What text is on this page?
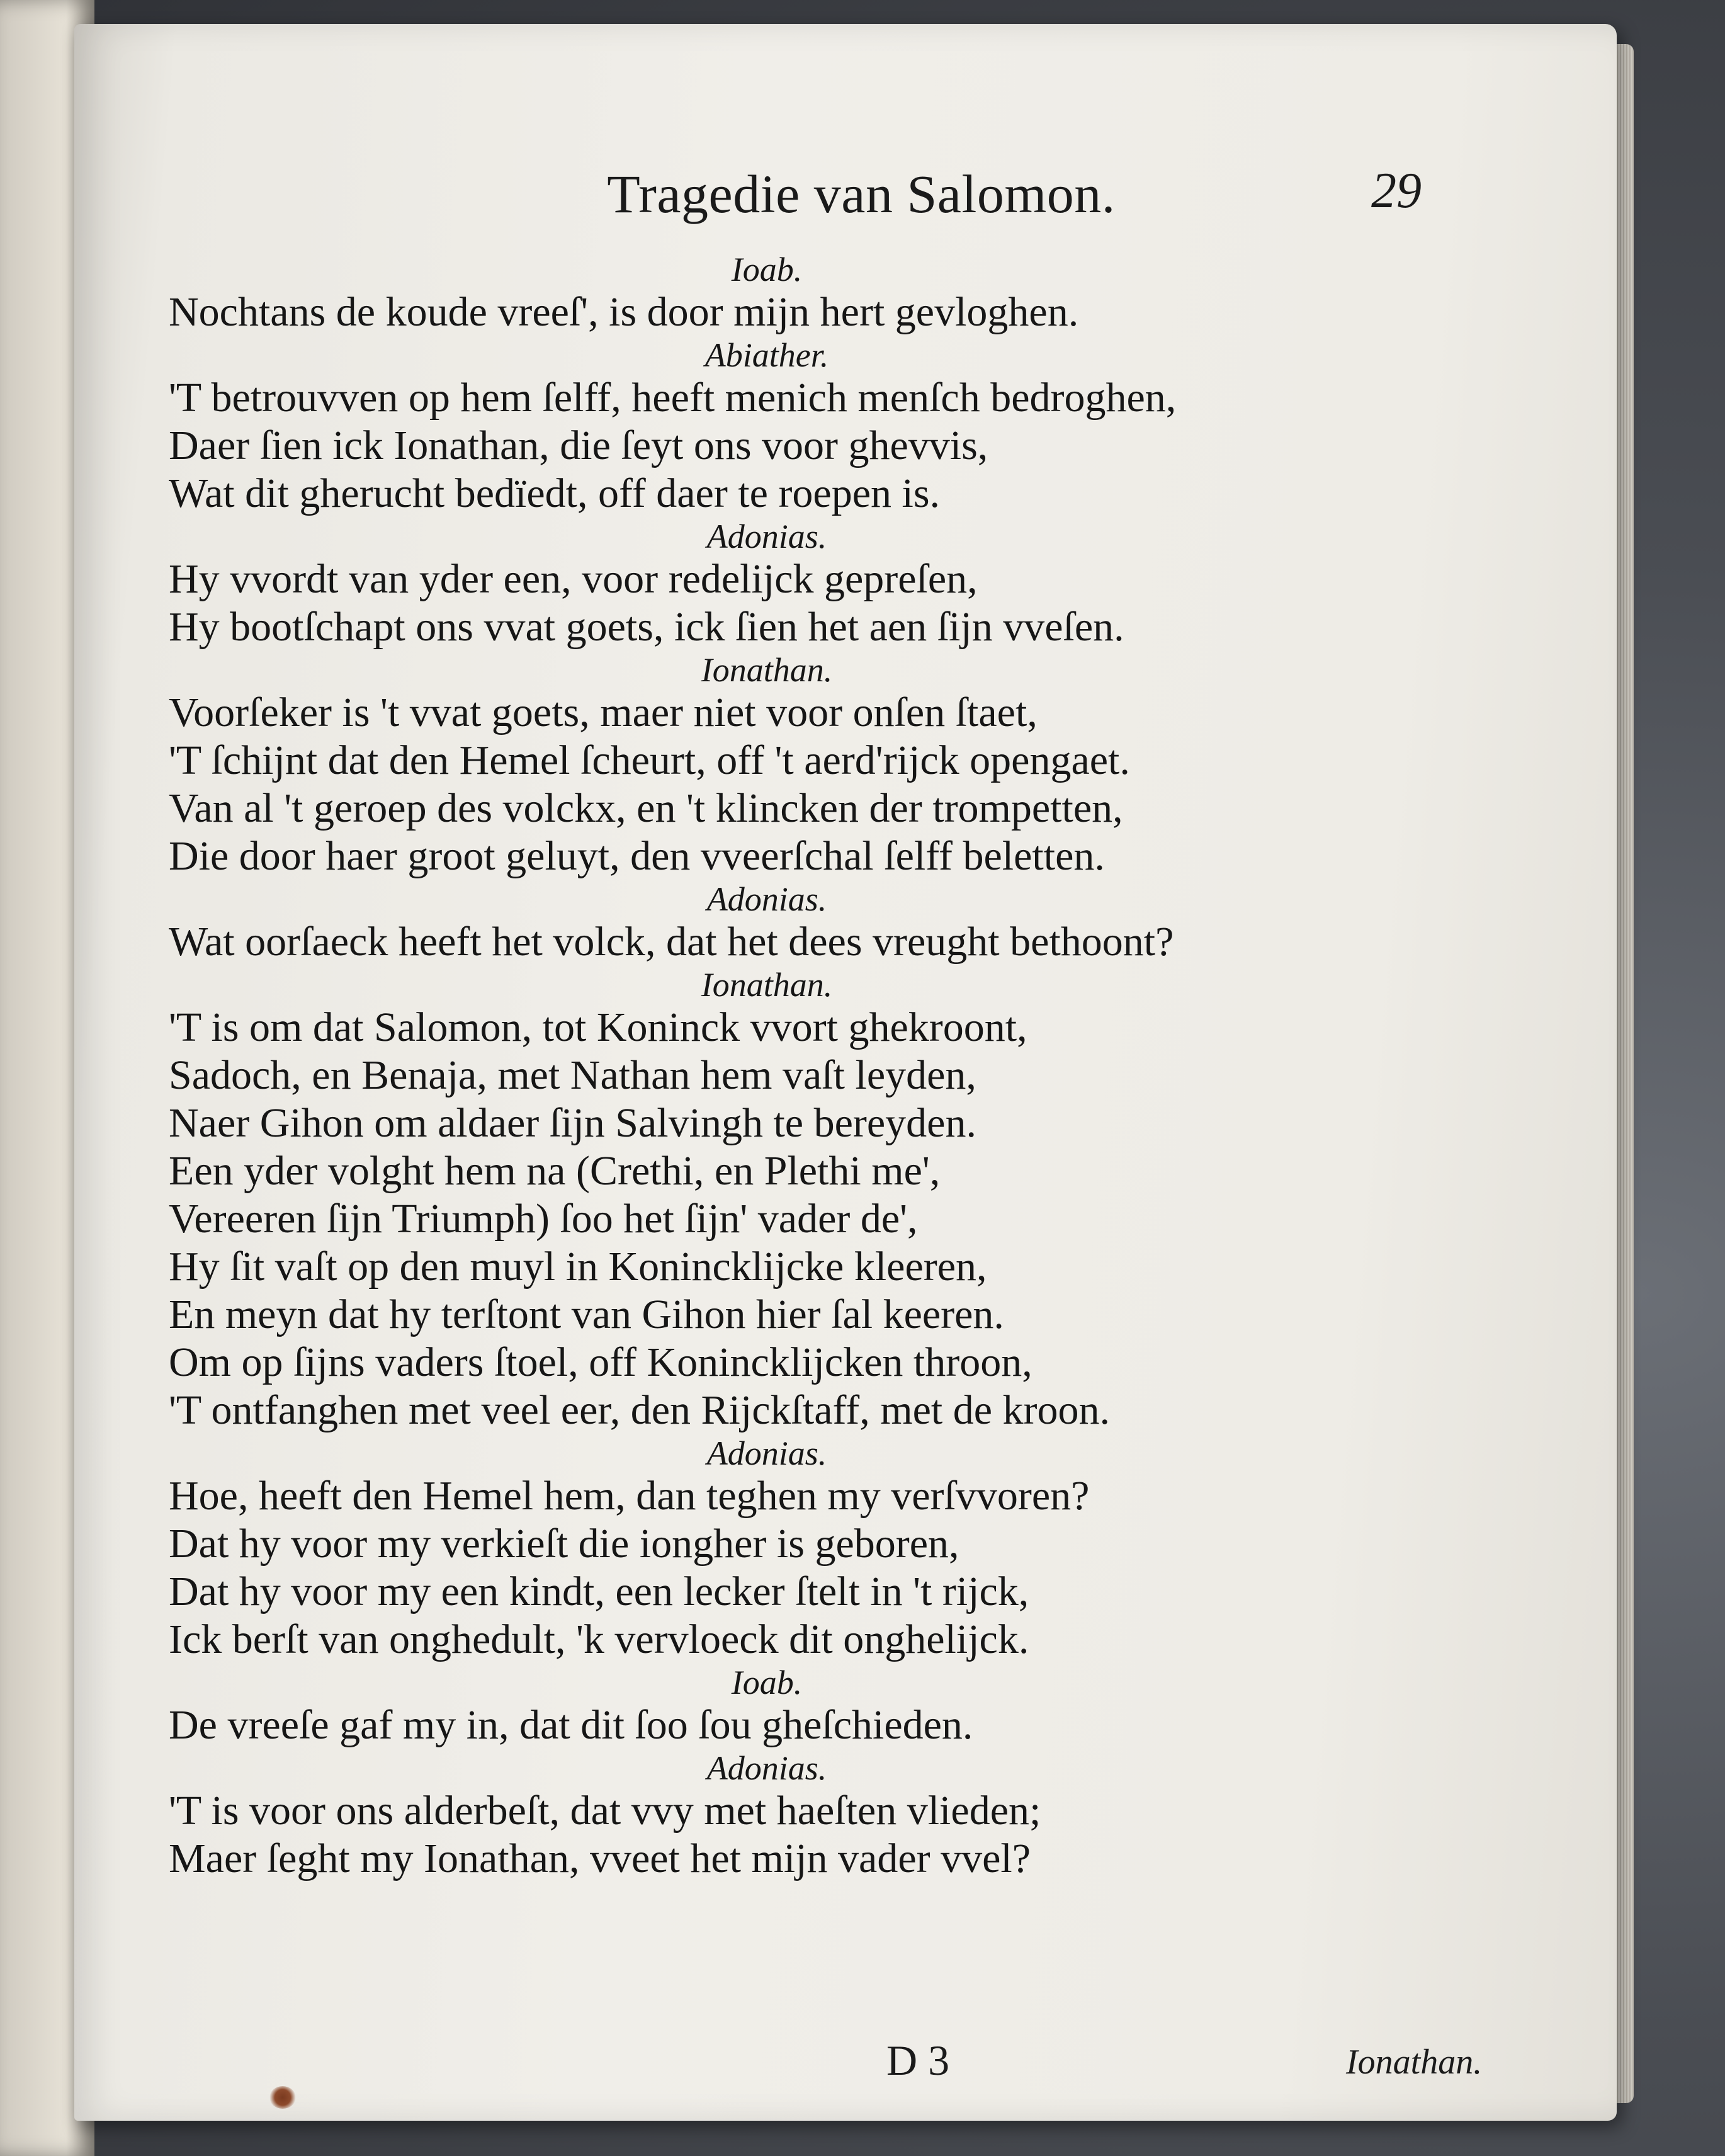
Tragedie van Salomon.	29
Ioab.
Nochtans de koude vreeſ', is door mijn hert gevloghen.
Abiather.
'T betrouvven op hem ſelff, heeft menich menſch bedroghen,
Daer ſien ick Ionathan, die ſeyt ons voor ghevvis,
Wat dit gherucht bedïedt, off daer te roepen is.
Adonias.
Hy vvordt van yder een, voor redelijck gepreſen,
Hy bootſchapt ons vvat goets, ick ſien het aen ſijn vveſen.
Ionathan.
Voorſeker is 't vvat goets, maer niet voor onſen ſtaet,
'T ſchijnt dat den Hemel ſcheurt, off 't aerd'rijck opengaet.
Van al 't geroep des volckx, en 't klincken der trompetten,
Die door haer groot geluyt, den vveerſchal ſelff beletten.
Adonias.
Wat oorſaeck heeft het volck, dat het dees vreught bethoont?
Ionathan.
'T is om dat Salomon, tot Koninck vvort ghekroont,
Sadoch, en Benaja, met Nathan hem vaſt leyden,
Naer Gihon om aldaer ſijn Salvingh te bereyden.
Een yder volght hem na (Crethi, en Plethi me',
Vereeren ſijn Triumph) ſoo het ſijn' vader de',
Hy ſit vaſt op den muyl in Koninckliјcke kleeren,
En meyn dat hy terſtont van Gihon hier ſal keeren.
Om op ſijns vaders ſtoel, off Konincklijcken throon,
'T ontfanghen met veel eer, den Rijckſtaff, met de kroon.
Adonias.
Hoe, heeft den Hemel hem, dan teghen my verſvvoren?
Dat hy voor my verkieſt die iongher is geboren,
Dat hy voor my een kindt, een lecker ſtelt in 't rijck,
Ick berſt van onghedult, 'k vervloeck dit onghelijck.
Ioab.
De vreeſe gaf my in, dat dit ſoo ſou gheſchieden.
Adonias.
'T is voor ons alderbeſt, dat vvy met haeſten vlieden;
Maer ſeght my Ionathan, vveet het mijn vader vvel?
D 3	Ionathan.
